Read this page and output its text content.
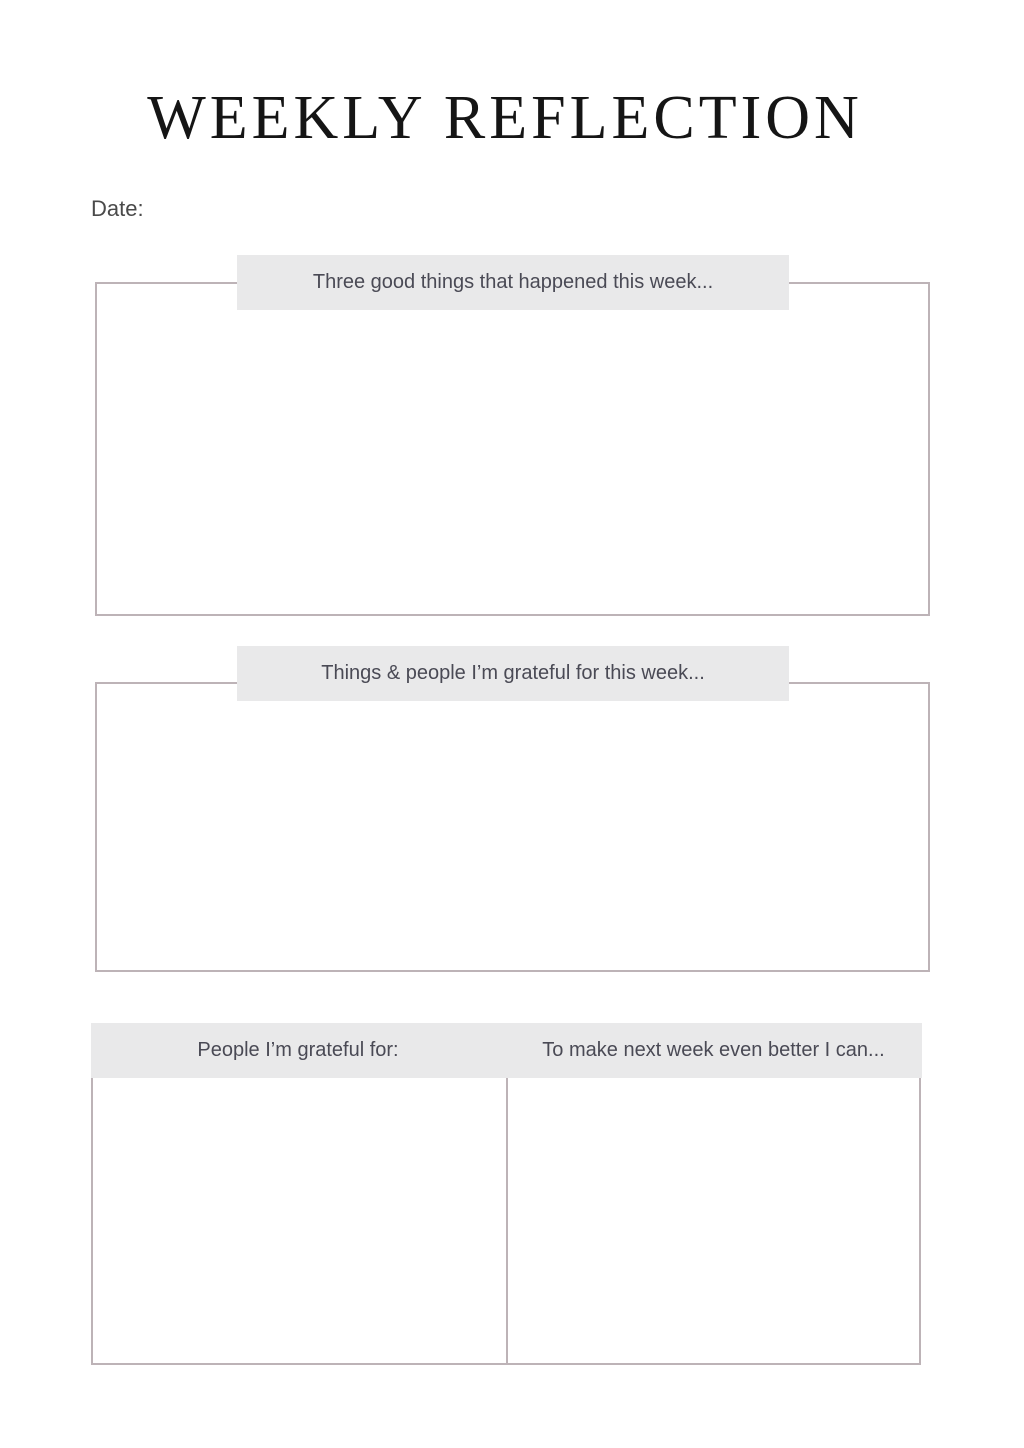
WEEKLY REFLECTION
Date:
Three good things that happened this week...
Things & people I’m grateful for this week...
People I’m grateful for:	To make next week even better I can...
